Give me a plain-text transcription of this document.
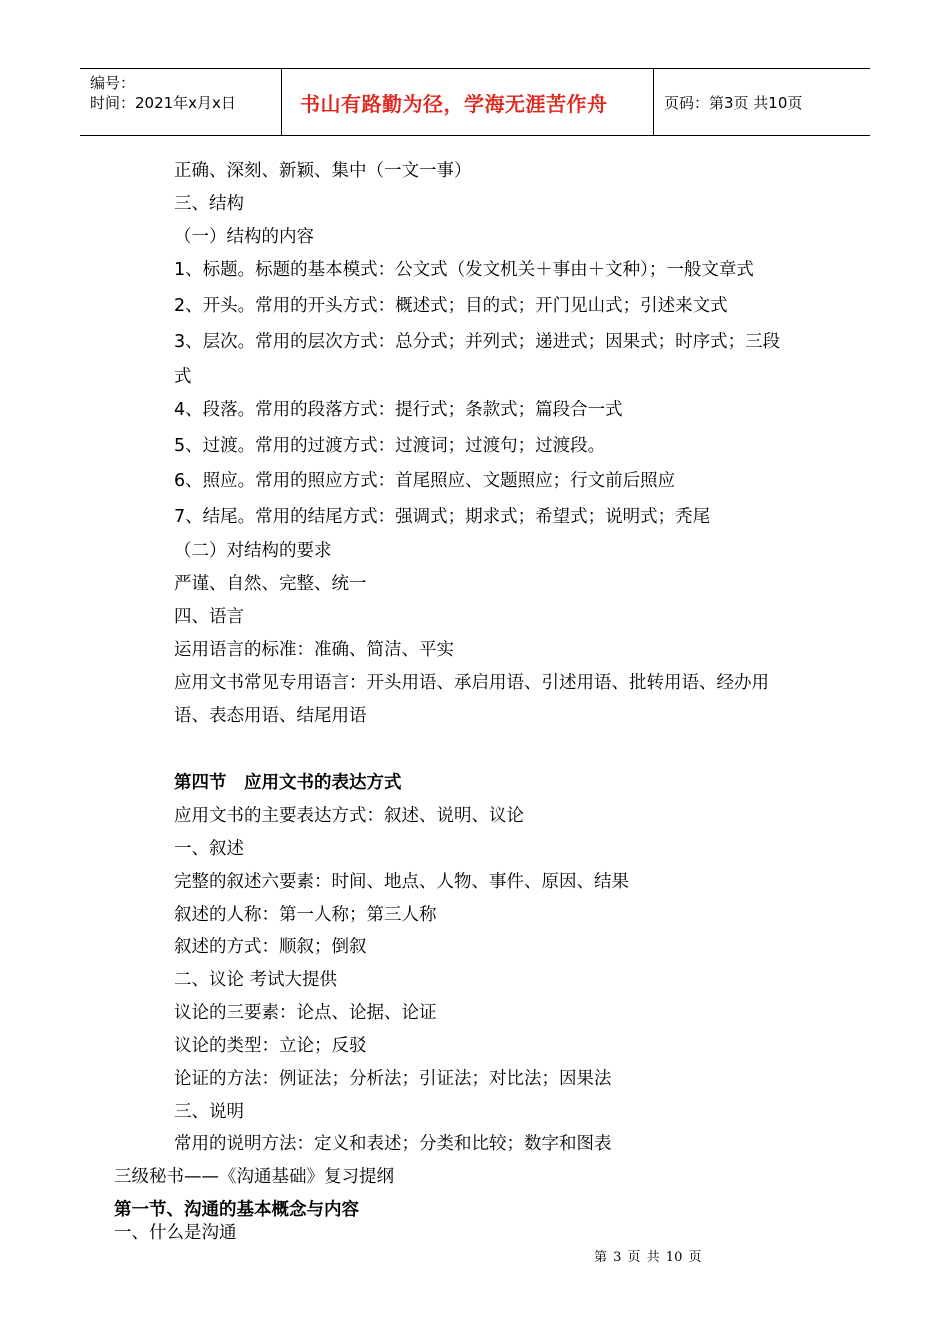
编号：
时间：2021年x月x日	书山有路勤为径，学海无涯苦作舟	页码：第3页 共10页
正确、深刻、新颖、集中（一文一事）
三、结构
（一）结构的内容
1、标题。标题的基本模式：公文式（发文机关＋事由＋文种）；一般文章式
2、开头。常用的开头方式：概述式；目的式；开门见山式；引述来文式
3、层次。常用的层次方式：总分式；并列式；递进式；因果式；时序式；三段
式
4、段落。常用的段落方式：提行式；条款式；篇段合一式
5、过渡。常用的过渡方式：过渡词；过渡句；过渡段。
6、照应。常用的照应方式：首尾照应、文题照应；行文前后照应
7、结尾。常用的结尾方式：强调式；期求式；希望式；说明式；秃尾
（二）对结构的要求
严谨、自然、完整、统一
四、语言
运用语言的标准：准确、简洁、平实
应用文书常见专用语言：开头用语、承启用语、引述用语、批转用语、经办用
语、表态用语、结尾用语
第四节　应用文书的表达方式
应用文书的主要表达方式：叙述、说明、议论
一、叙述
完整的叙述六要素：时间、地点、人物、事件、原因、结果
叙述的人称：第一人称；第三人称
叙述的方式：顺叙；倒叙
二、议论 考试大提供
议论的三要素：论点、论据、论证
议论的类型：立论；反驳
论证的方法：例证法；分析法；引证法；对比法；因果法
三、说明
常用的说明方法：定义和表述；分类和比较；数字和图表
三级秘书——《沟通基础》复习提纲
第一节、沟通的基本概念与内容
一、什么是沟通
第 3 页 共 10 页
